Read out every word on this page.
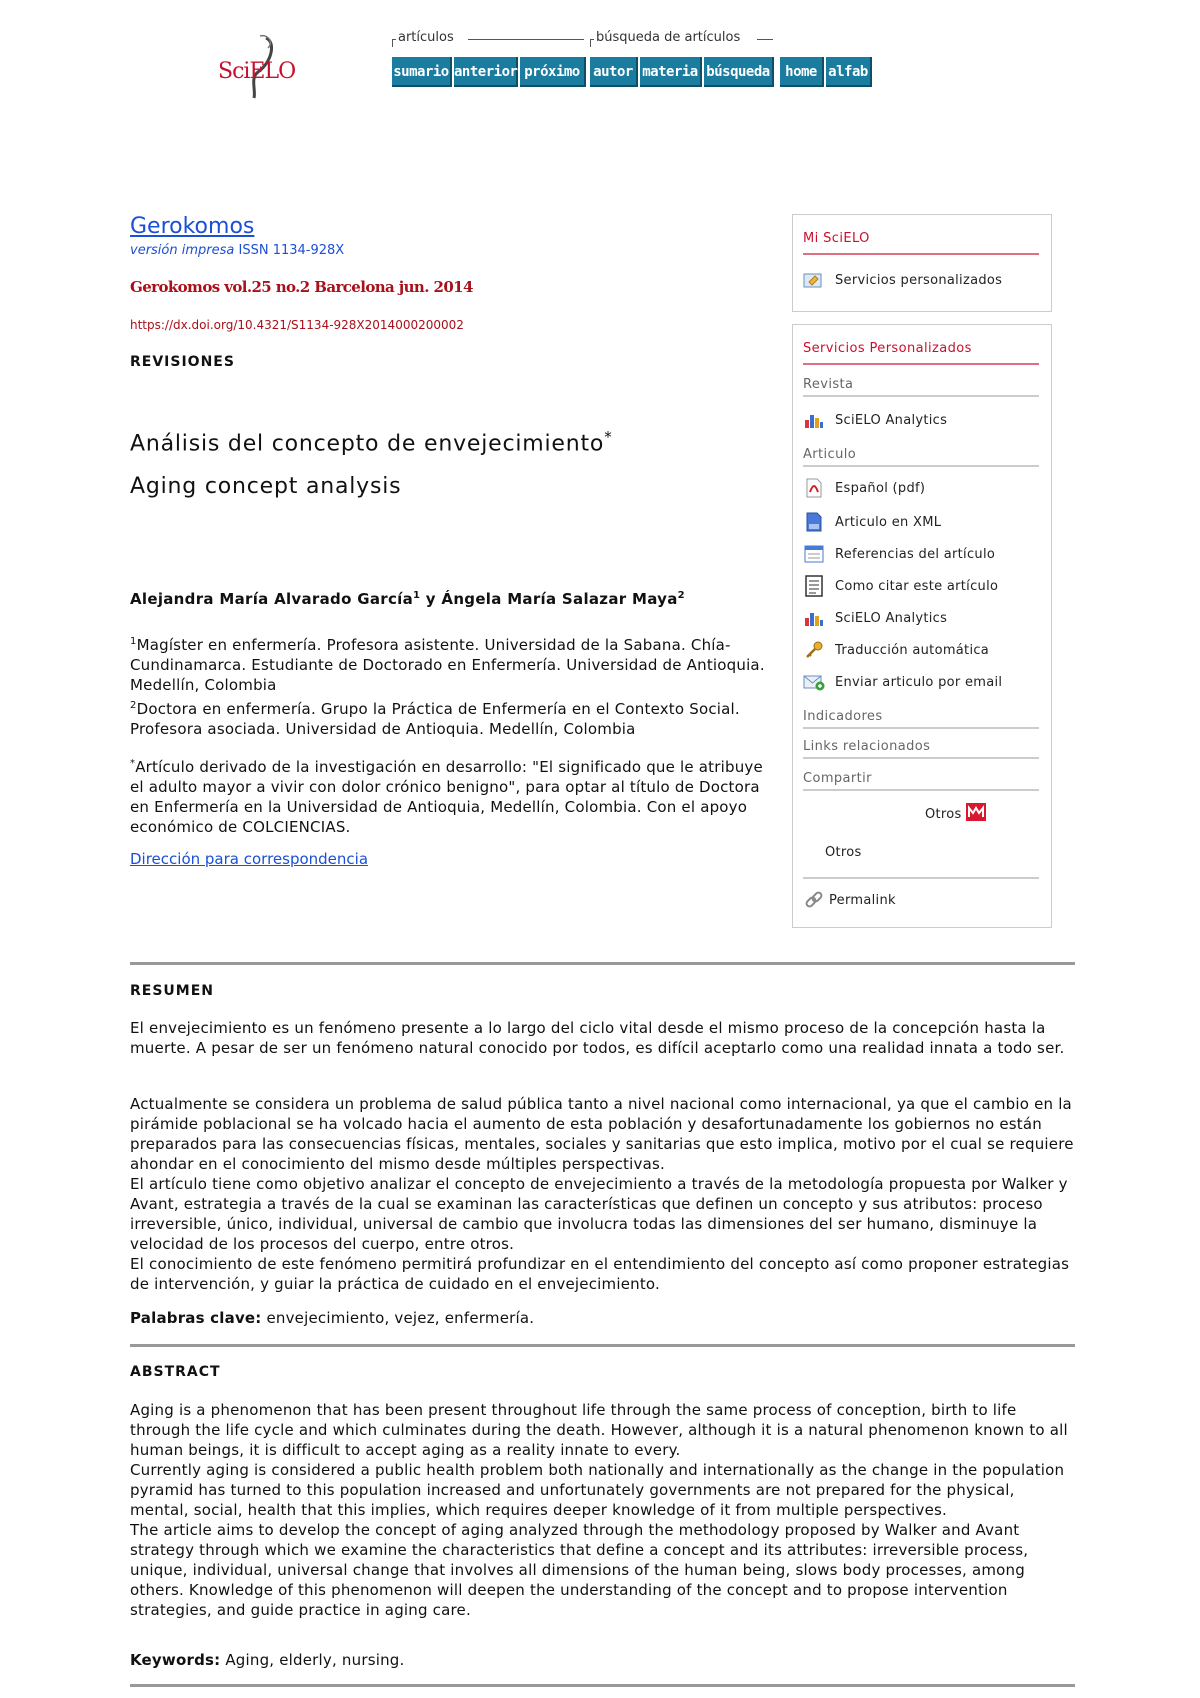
SciELO
artículos	búsqueda de artículos
sumario anterior próximo autor materia búsqueda	home alfab
Gerokomos
versión impresa ISSN 1134-928X
Gerokomos vol.25 no.2 Barcelona jun. 2014
https://dx.doi.org/10.4321/S1134-928X2014000200002
REVISIONES
Análisis del concepto de envejecimiento*
Aging concept analysis
Alejandra María Alvarado García$^1$ y Ángela María Salazar Maya$^2$
$^1$Magíster en enfermería. Profesora asistente. Universidad de la Sabana. Chía-Cundinamarca. Estudiante de Doctorado en Enfermería. Universidad de Antioquia. Medellín, Colombia
$^2$Doctora en enfermería. Grupo la Práctica de Enfermería en el Contexto Social. Profesora asociada. Universidad de Antioquia. Medellín, Colombia
*Artículo derivado de la investigación en desarrollo: "El significado que le atribuye el adulto mayor a vivir con dolor crónico benigno", para optar al título de Doctora en Enfermería en la Universidad de Antioquia, Medellín, Colombia. Con el apoyo económico de COLCIENCIAS.
Dirección para correspondencia
Mi SciELO
Servicios personalizados
Servicios Personalizados
Revista
SciELO Analytics
Articulo
Español (pdf)
Articulo en XML
Referencias del artículo
Como citar este artículo
SciELO Analytics
Traducción automática
Enviar articulo por email
Indicadores
Links relacionados
Compartir
Otros
Otros
Permalink
RESUMEN

El envejecimiento es un fenómeno presente a lo largo del ciclo vital desde el mismo proceso de la concepción hasta la muerte. A pesar de ser un fenómeno natural conocido por todos, es difícil aceptarlo como una realidad innata a todo ser.

Actualmente se considera un problema de salud pública tanto a nivel nacional como internacional, ya que el cambio en la pirámide poblacional se ha volcado hacia el aumento de esta población y desafortunadamente los gobiernos no están preparados para las consecuencias físicas, mentales, sociales y sanitarias que esto implica, motivo por el cual se requiere ahondar en el conocimiento del mismo desde múltiples perspectivas.

El artículo tiene como objetivo analizar el concepto de envejecimiento a través de la metodología propuesta por Walker y Avant, estrategia a través de la cual se examinan las características que definen un concepto y sus atributos: proceso irreversible, único, individual, universal de cambio que involucra todas las dimensiones del ser humano, disminuye la velocidad de los procesos del cuerpo, entre otros.

El conocimiento de este fenómeno permitirá profundizar en el entendimiento del concepto así como proponer estrategias de intervención, y guiar la práctica de cuidado en el envejecimiento.

Palabras clave: envejecimiento, vejez, enfermería.
ABSTRACT

Aging is a phenomenon that has been present throughout life through the same process of conception, birth to life through the life cycle and which culminates during the death. However, although it is a natural phenomenon known to all human beings, it is difficult to accept aging as a reality innate to every.

Currently aging is considered a public health problem both nationally and internationally as the change in the population pyramid has turned to this population increased and unfortunately governments are not prepared for the physical, mental, social, health that this implies, which requires deeper knowledge of it from multiple perspectives.

The article aims to develop the concept of aging analyzed through the methodology proposed by Walker and Avant strategy through which we examine the characteristics that define a concept and its attributes: irreversible process, unique, individual, universal change that involves all dimensions of the human being, slows body processes, among others. Knowledge of this phenomenon will deepen the understanding of the concept and to propose intervention strategies, and guide practice in aging care.

Keywords: Aging, elderly, nursing.
